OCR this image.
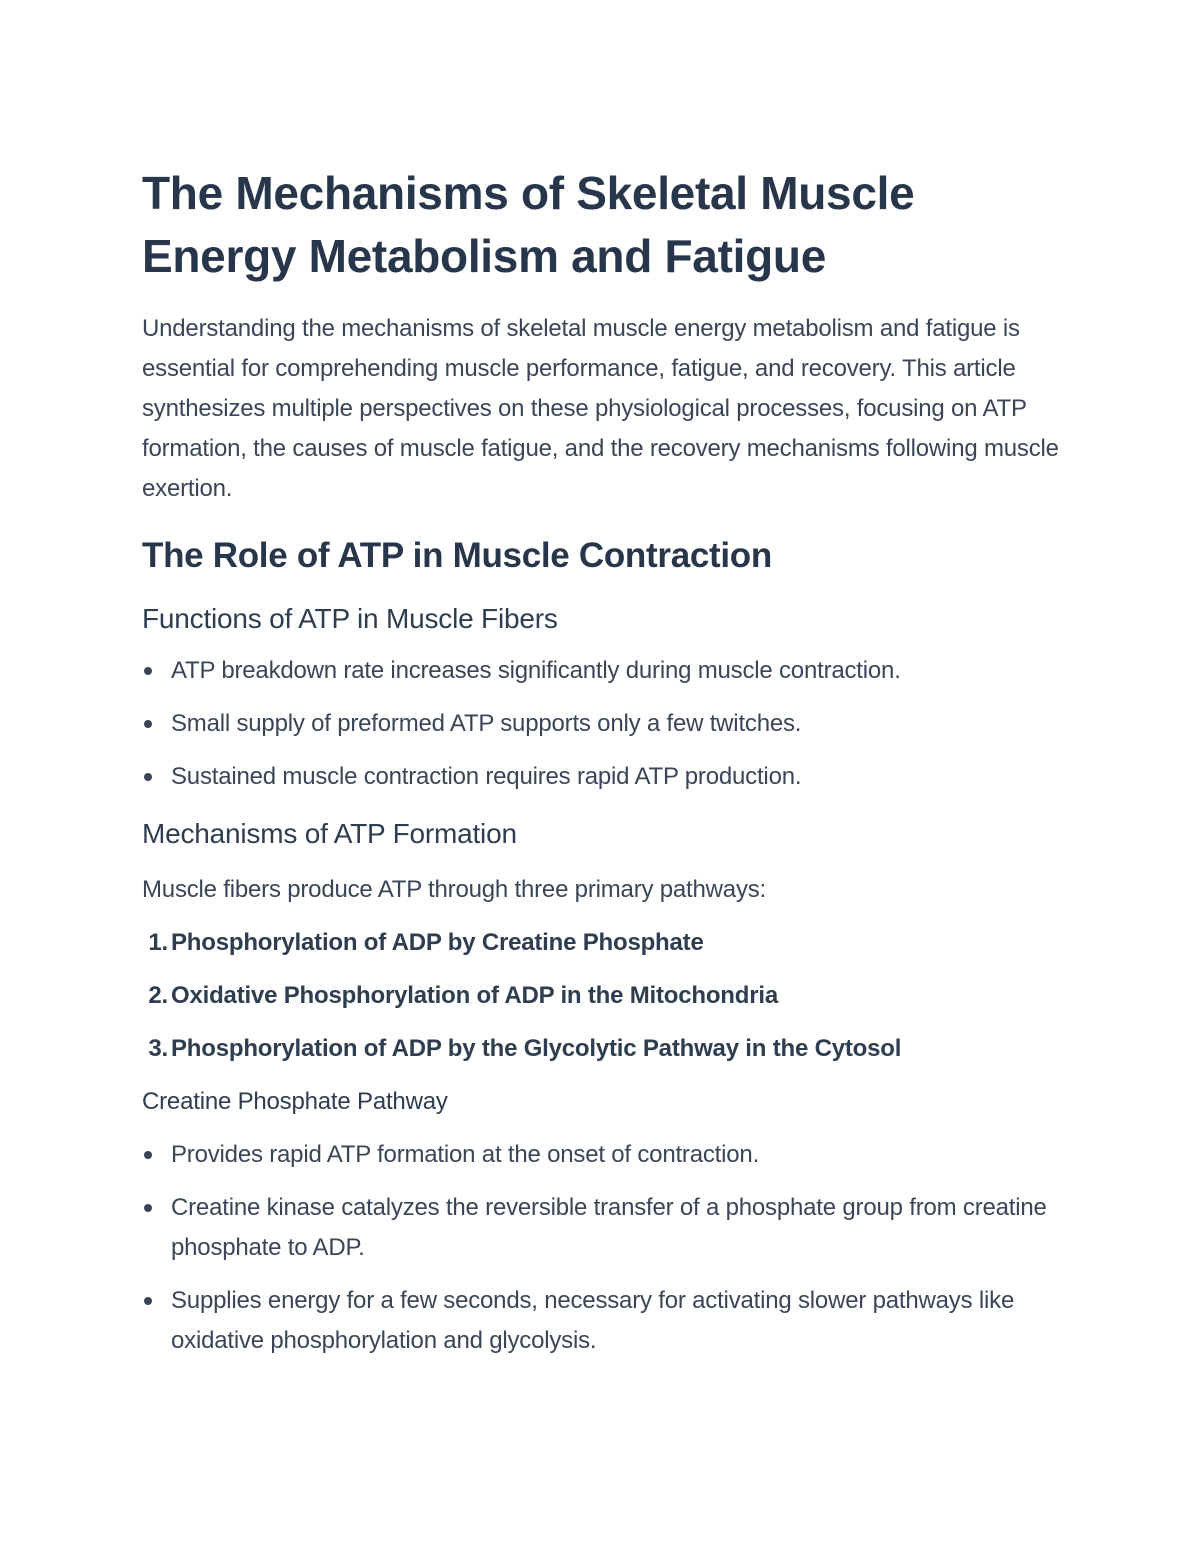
The Mechanisms of Skeletal Muscle Energy Metabolism and Fatigue

Understanding the mechanisms of skeletal muscle energy metabolism and fatigue is essential for comprehending muscle performance, fatigue, and recovery. This article synthesizes multiple perspectives on these physiological processes, focusing on ATP formation, the causes of muscle fatigue, and the recovery mechanisms following muscle exertion.

The Role of ATP in Muscle Contraction
Functions of ATP in Muscle Fibers
ATP breakdown rate increases significantly during muscle contraction.
Small supply of preformed ATP supports only a few twitches.
Sustained muscle contraction requires rapid ATP production.
Mechanisms of ATP Formation

Muscle fibers produce ATP through three primary pathways:

1. Phosphorylation of ADP by Creatine Phosphate
2. Oxidative Phosphorylation of ADP in the Mitochondria
3. Phosphorylation of ADP by the Glycolytic Pathway in the Cytosol
Creatine Phosphate Pathway
Provides rapid ATP formation at the onset of contraction.
Creatine kinase catalyzes the reversible transfer of a phosphate group from creatine phosphate to ADP.
Supplies energy for a few seconds, necessary for activating slower pathways like oxidative phosphorylation and glycolysis.
